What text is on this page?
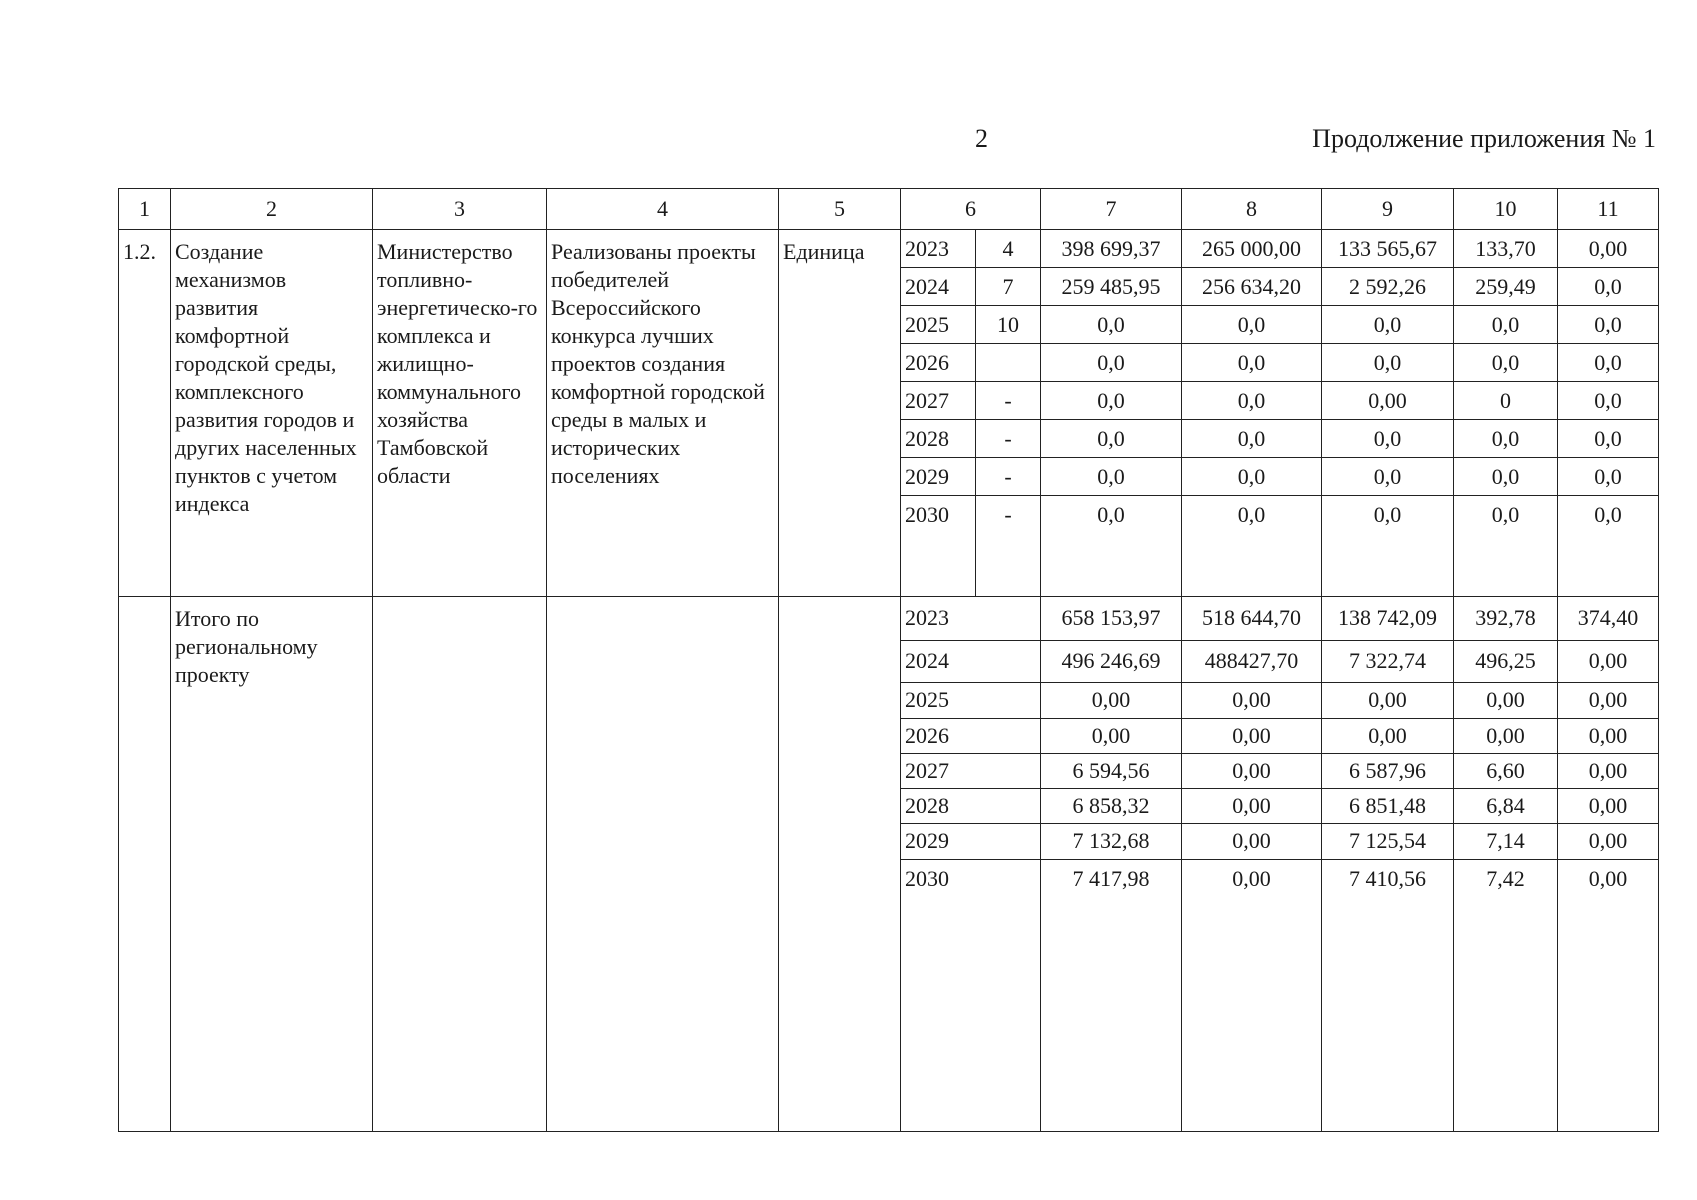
2	Продолжение приложения № 1
1	2	3	4	5	6		7	8	9	10	11
1.2.	Создание механизмов развития комфортной городской среды, комплексного развития городов и других населенных пунктов с учетом индекса	Министерство топливно-энергетическо-го комплекса и жилищно-коммунального хозяйства Тамбовской области	Реализованы проекты победителей Всероссийского конкурса лучших проектов создания комфортной городской среды в малых и исторических поселениях	Единица	2023	4	398 699,37	265 000,00	133 565,67	133,70	0,00
					2024	7	259 485,95	256 634,20	2 592,26	259,49	0,0
					2025	10	0,0	0,0	0,0	0,0	0,0
					2026		0,0	0,0	0,0	0,0	0,0
					2027	-	0,0	0,0	0,00	0	0,0
					2028	-	0,0	0,0	0,0	0,0	0,0
					2029	-	0,0	0,0	0,0	0,0	0,0
					2030	-	0,0	0,0	0,0	0,0	0,0

	Итого по региональному проекту				2023		658 153,97	518 644,70	138 742,09	392,78	374,40
					2024		496 246,69	488427,70	7 322,74	496,25	0,00
					2025		0,00	0,00	0,00	0,00	0,00
					2026		0,00	0,00	0,00	0,00	0,00
					2027		6 594,56	0,00	6 587,96	6,60	0,00
					2028		6 858,32	0,00	6 851,48	6,84	0,00
					2029		7 132,68	0,00	7 125,54	7,14	0,00
					2030		7 417,98	0,00	7 410,56	7,42	0,00
